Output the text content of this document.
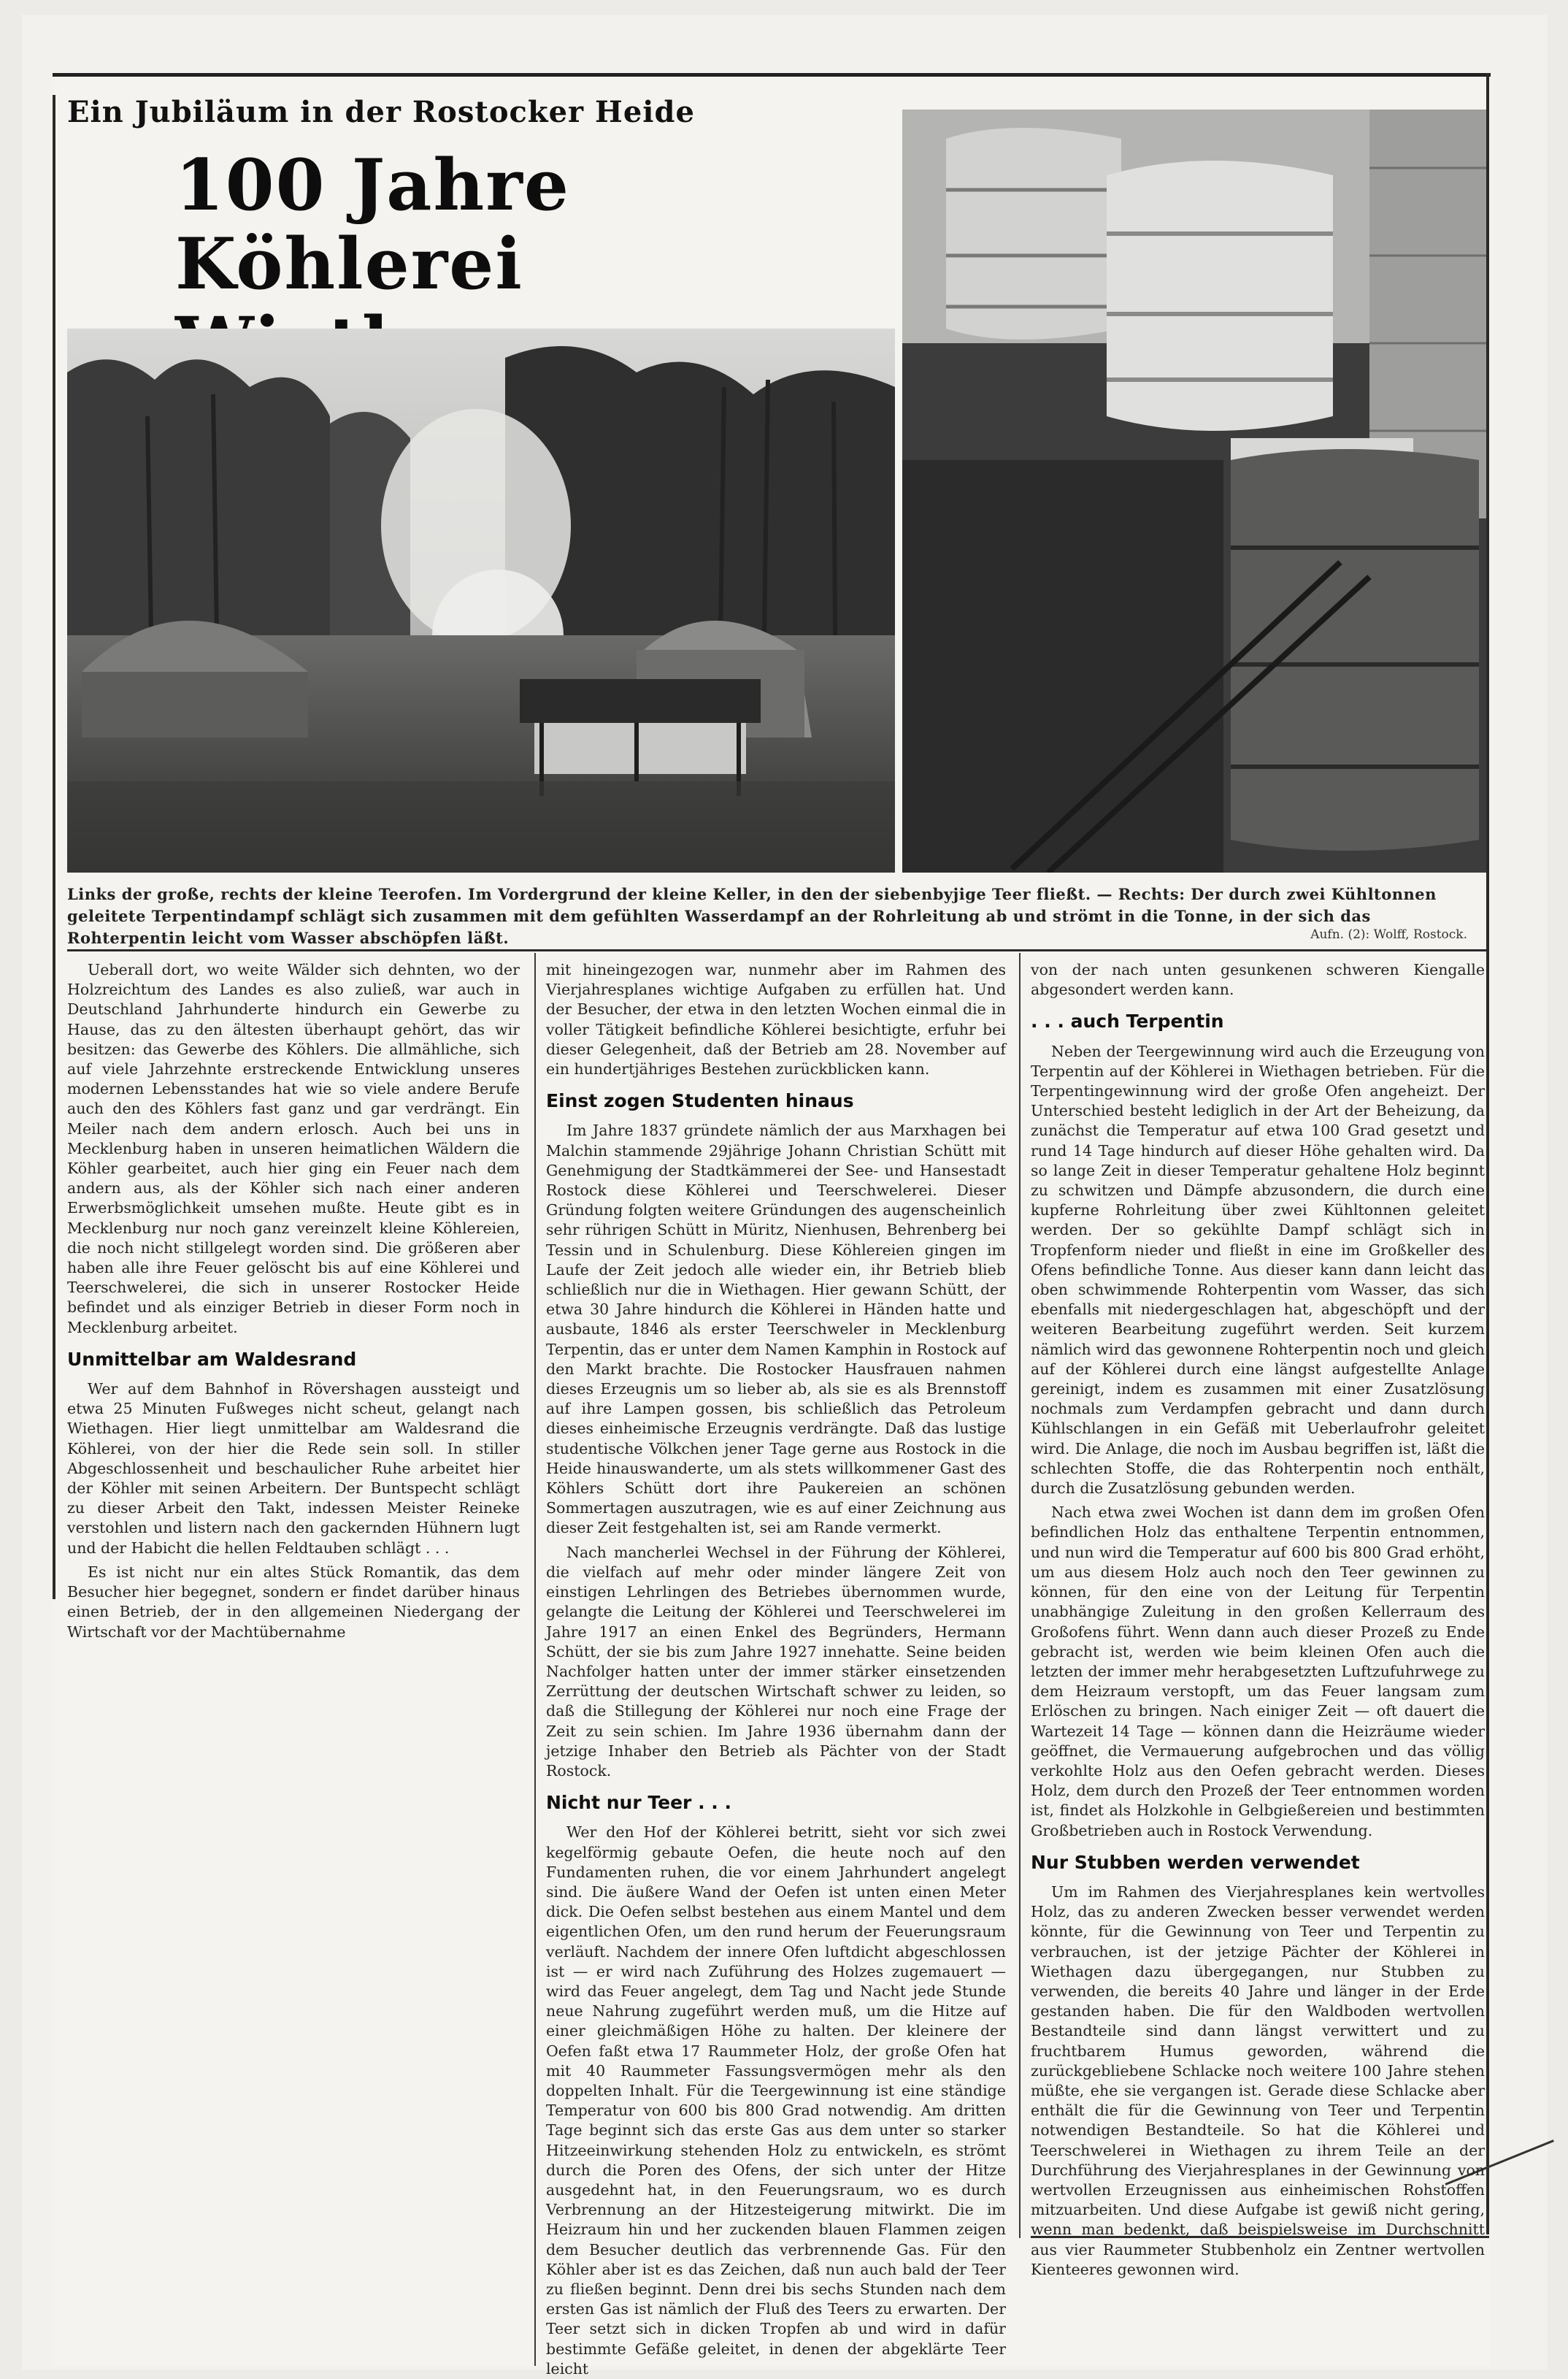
Ein Jubiläum in der Rostocker Heide
100 Jahre
Köhlerei
Links der große, rechts der kleine Teerofen. Im Vordergrund der kleine Keller, in den der siebenbyjige Teer fließt. — Rechts: Der durch zwei Kühltonnen geleitete Terpentindampf schlägt sich zusammen mit dem gefühlten Wasserdampf an der Rohrleitung ab und strömt in die Tonne, in der sich das Rohterpentin leicht vom Wasser abschöpfen läßt.	Aufn. (2): Wolff, Rostock.

Ueberall dort, wo weite Wälder sich dehnten, wo der Holzreichtum des Landes es also zuließ, war auch in Deutschland Jahrhunderte hindurch ein Gewerbe zu Hause, das zu den ältesten überhaupt gehört, das wir besitzen: das Gewerbe des Köhlers. Die allmähliche, sich auf viele Jahrzehnte erstreckende Entwicklung unseres modernen Lebensstandes hat wie so viele andere Berufe auch den des Köhlers fast ganz und gar verdrängt. Ein Meiler nach dem andern erlosch. Auch bei uns in Mecklenburg haben in unseren heimatlichen Wäldern die Köhler gearbeitet, auch hier ging ein Feuer nach dem andern aus, als der Köhler sich nach einer anderen Erwerbsmöglichkeit umsehen mußte. Heute gibt es in Mecklenburg nur noch ganz vereinzelt kleine Köhlereien, die noch nicht stillgelegt worden sind. Die größeren aber haben alle ihre Feuer gelöscht bis auf eine Köhlerei und Teerschwelerei, die sich in unserer Rostocker Heide befindet und als einziger Betrieb in dieser Form noch in Mecklenburg arbeitet.

Unmittelbar am Waldesrand

Wer auf dem Bahnhof in Rövershagen aussteigt und etwa 25 Minuten Fußweges nicht scheut, gelangt nach Wiethagen. Hier liegt unmittelbar am Waldesrand die Köhlerei, von der hier die Rede sein soll. In stiller Abgeschlossenheit und beschaulicher Ruhe arbeitet hier der Köhler mit seinen Arbeitern. Der Buntspecht schlägt zu dieser Arbeit den Takt, indessen Meister Reineke verstohlen und listern nach den gackernden Hühnern lugt und der Habicht die hellen Feldtauben schlägt . . .

Es ist nicht nur ein altes Stück Romantik, das dem Besucher hier begegnet, sondern er findet darüber hinaus einen Betrieb, der in den allgemeinen Niedergang der Wirtschaft vor der Machtübernahme

mit hineingezogen war, nunmehr aber im Rahmen des Vierjahresplanes wichtige Aufgaben zu erfüllen hat. Und der Besucher, der etwa in den letzten Wochen einmal die in voller Tätigkeit befindliche Köhlerei besichtigte, erfuhr bei dieser Gelegenheit, daß der Betrieb am 28. November auf ein hundertjähriges Bestehen zurückblicken kann.

Einst zogen Studenten hinaus

Im Jahre 1837 gründete nämlich der aus Marxhagen bei Malchin stammende 29jährige Johann Christian Schütt mit Genehmigung der Stadtkämmerei der See- und Hansestadt Rostock diese Köhlerei und Teerschwelerei. Dieser Gründung folgten weitere Gründungen des augenscheinlich sehr rührigen Schütt in Müritz, Nienhusen, Behrenberg bei Tessin und in Schulenburg. Diese Köhlereien gingen im Laufe der Zeit jedoch alle wieder ein, ihr Betrieb blieb schließlich nur die in Wiethagen. Hier gewann Schütt, der etwa 30 Jahre hindurch die Köhlerei in Händen hatte und ausbaute, 1846 als erster Teerschweler in Mecklenburg Terpentin, das er unter dem Namen Kamphin in Rostock auf den Markt brachte. Die Rostocker Hausfrauen nahmen dieses Erzeugnis um so lieber ab, als sie es als Brennstoff auf ihre Lampen gossen, bis schließlich das Petroleum dieses einheimische Erzeugnis verdrängte. Daß das lustige studentische Völkchen jener Tage gerne aus Rostock in die Heide hinauswanderte, um als stets willkommener Gast des Köhlers Schütt dort ihre Paukereien an schönen Sommertagen auszutragen, wie es auf einer Zeichnung aus dieser Zeit festgehalten ist, sei am Rande vermerkt.

Nach mancherlei Wechsel in der Führung der Köhlerei, die vielfach auf mehr oder minder längere Zeit von einstigen Lehrlingen des Betriebes übernommen wurde, gelangte die Leitung der Köhlerei und Teerschwelerei im Jahre 1917 an einen Enkel des Begründers, Hermann Schütt, der sie bis zum Jahre 1927 innehatte. Seine beiden Nachfolger hatten unter der immer stärker einsetzenden Zerrüttung der deutschen Wirtschaft schwer zu leiden, so daß die Stillegung der Köhlerei nur noch eine Frage der Zeit zu sein schien. Im Jahre 1936 übernahm dann der jetzige Inhaber den Betrieb als Pächter von der Stadt Rostock.

Nicht nur Teer . . .

Wer den Hof der Köhlerei betritt, sieht vor sich zwei kegelförmig gebaute Oefen, die heute noch auf den Fundamenten ruhen, die vor einem Jahrhundert angelegt sind. Die äußere Wand der Oefen ist unten einen Meter dick. Die Oefen selbst bestehen aus einem Mantel und dem eigentlichen Ofen, um den rund herum der Feuerungsraum verläuft. Nachdem der innere Ofen luftdicht abgeschlossen ist — er wird nach Zuführung des Holzes zugemauert — wird das Feuer angelegt, dem Tag und Nacht jede Stunde neue Nahrung zugeführt werden muß, um die Hitze auf einer gleichmäßigen Höhe zu halten. Der kleinere der Oefen faßt etwa 17 Raummeter Holz, der große Ofen hat mit 40 Raummeter Fassungsvermögen mehr als den doppelten Inhalt. Für die Teergewinnung ist eine ständige Temperatur von 600 bis 800 Grad notwendig. Am dritten Tage beginnt sich das erste Gas aus dem unter so starker Hitzeeinwirkung stehenden Holz zu entwickeln, es strömt durch die Poren des Ofens, der sich unter der Hitze ausgedehnt hat, in den Feuerungsraum, wo es durch Verbrennung an der Hitzesteigerung mitwirkt. Die im Heizraum hin und her zuckenden blauen Flammen zeigen dem Besucher deutlich das verbrennende Gas. Für den Köhler aber ist es das Zeichen, daß nun auch bald der Teer zu fließen beginnt. Denn drei bis sechs Stunden nach dem ersten Gas ist nämlich der Fluß des Teers zu erwarten. Der Teer setzt sich in dicken Tropfen ab und wird in dafür bestimmte Gefäße geleitet, in denen der abgeklärte Teer leicht

von der nach unten gesunkenen schweren Kiengalle abgesondert werden kann.

. . . auch Terpentin

Neben der Teergewinnung wird auch die Erzeugung von Terpentin auf der Köhlerei in Wiethagen betrieben. Für die Terpentingewinnung wird der große Ofen angeheizt. Der Unterschied besteht lediglich in der Art der Beheizung, da zunächst die Temperatur auf etwa 100 Grad gesetzt und rund 14 Tage hindurch auf dieser Höhe gehalten wird. Da so lange Zeit in dieser Temperatur gehaltene Holz beginnt zu schwitzen und Dämpfe abzusondern, die durch eine kupferne Rohrleitung über zwei Kühltonnen geleitet werden. Der so gekühlte Dampf schlägt sich in Tropfenform nieder und fließt in eine im Großkeller des Ofens befindliche Tonne. Aus dieser kann dann leicht das oben schwimmende Rohterpentin vom Wasser, das sich ebenfalls mit niedergeschlagen hat, abgeschöpft und der weiteren Bearbeitung zugeführt werden. Seit kurzem nämlich wird das gewonnene Rohterpentin noch und gleich auf der Köhlerei durch eine längst aufgestellte Anlage gereinigt, indem es zusammen mit einer Zusatzlösung nochmals zum Verdampfen gebracht und dann durch Kühlschlangen in ein Gefäß mit Ueberlaufrohr geleitet wird. Die Anlage, die noch im Ausbau begriffen ist, läßt die schlechten Stoffe, die das Rohterpentin noch enthält, durch die Zusatzlösung gebunden werden.

Nach etwa zwei Wochen ist dann dem im großen Ofen befindlichen Holz das enthaltene Terpentin entnommen, und nun wird die Temperatur auf 600 bis 800 Grad erhöht, um aus diesem Holz auch noch den Teer gewinnen zu können, für den eine von der Leitung für Terpentin unabhängige Zuleitung in den großen Kellerraum des Großofens führt. Wenn dann auch dieser Prozeß zu Ende gebracht ist, werden wie beim kleinen Ofen auch die letzten der immer mehr herabgesetzten Luftzufuhrwege zu dem Heizraum verstopft, um das Feuer langsam zum Erlöschen zu bringen. Nach einiger Zeit — oft dauert die Wartezeit 14 Tage — können dann die Heizräume wieder geöffnet, die Vermauerung aufgebrochen und das völlig verkohlte Holz aus den Oefen gebracht werden. Dieses Holz, dem durch den Prozeß der Teer entnommen worden ist, findet als Holzkohle in Gelbgießereien und bestimmten Großbetrieben auch in Rostock Verwendung.

Nur Stubben werden verwendet

Um im Rahmen des Vierjahresplanes kein wertvolles Holz, das zu anderen Zwecken besser verwendet werden könnte, für die Gewinnung von Teer und Terpentin zu verbrauchen, ist der jetzige Pächter der Köhlerei in Wiethagen dazu übergegangen, nur Stubben zu verwenden, die bereits 40 Jahre und länger in der Erde gestanden haben. Die für den Waldboden wertvollen Bestandteile sind dann längst verwittert und zu fruchtbarem Humus geworden, während die zurückgebliebene Schlacke noch weitere 100 Jahre stehen müßte, ehe sie vergangen ist. Gerade diese Schlacke aber enthält die für die Gewinnung von Teer und Terpentin notwendigen Bestandteile. So hat die Köhlerei und Teerschwelerei in Wiethagen zu ihrem Teile an der Durchführung des Vierjahresplanes in der Gewinnung von wertvollen Erzeugnissen aus einheimischen Rohstoffen mitzuarbeiten. Und diese Aufgabe ist gewiß nicht gering, wenn man bedenkt, daß beispielsweise im Durchschnitt aus vier Raummeter Stubbenholz ein Zentner wertvollen Kienteeres gewonnen wird.
